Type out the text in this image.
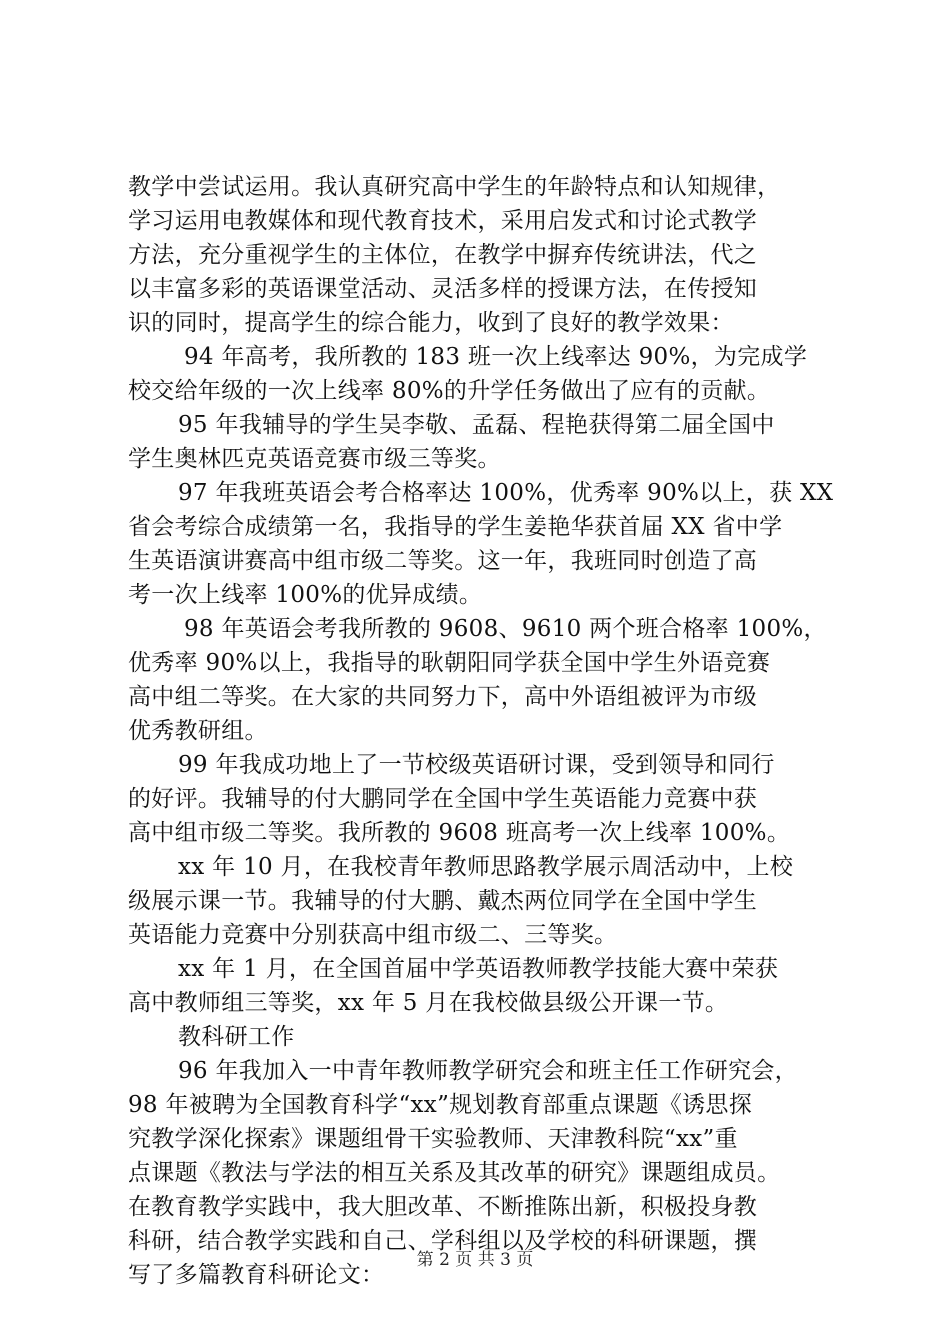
教学中尝试运用。我认真研究高中学生的年龄特点和认知规律，
学习运用电教媒体和现代教育技术，采用启发式和讨论式教学
方法，充分重视学生的主体位，在教学中摒弃传统讲法，代之
以丰富多彩的英语课堂活动、灵活多样的授课方法，在传授知
识的同时，提高学生的综合能力，收到了良好的教学效果：
94 年高考，我所教的 183 班一次上线率达 90%，为完成学
校交给年级的一次上线率 80%的升学任务做出了应有的贡献。
95 年我辅导的学生吴李敬、孟磊、程艳获得第二届全国中
学生奥林匹克英语竞赛市级三等奖。
97 年我班英语会考合格率达 100%，优秀率 90%以上，获 XX
省会考综合成绩第一名，我指导的学生姜艳华获首届 XX 省中学
生英语演讲赛高中组市级二等奖。这一年，我班同时创造了高
考一次上线率 100%的优异成绩。
98 年英语会考我所教的 9608、9610 两个班合格率 100%，
优秀率 90%以上，我指导的耿朝阳同学获全国中学生外语竞赛
高中组二等奖。在大家的共同努力下，高中外语组被评为市级
优秀教研组。
99 年我成功地上了一节校级英语研讨课，受到领导和同行
的好评。我辅导的付大鹏同学在全国中学生英语能力竞赛中获
高中组市级二等奖。我所教的 9608 班高考一次上线率 100%。
xx 年 10 月，在我校青年教师思路教学展示周活动中，上校
级展示课一节。我辅导的付大鹏、戴杰两位同学在全国中学生
英语能力竞赛中分别获高中组市级二、三等奖。
xx 年 1 月，在全国首届中学英语教师教学技能大赛中荣获
高中教师组三等奖，xx 年 5 月在我校做县级公开课一节。
教科研工作
96 年我加入一中青年教师教学研究会和班主任工作研究会，
98 年被聘为全国教育科学“xx”规划教育部重点课题《诱思探
究教学深化探索》课题组骨干实验教师、天津教科院“xx”重
点课题《教法与学法的相互关系及其改革的研究》课题组成员。
在教育教学实践中，我大胆改革、不断推陈出新，积极投身教
科研，结合教学实践和自己、学科组以及学校的科研课题，撰
写了多篇教育科研论文：
第 2 页 共 3 页
